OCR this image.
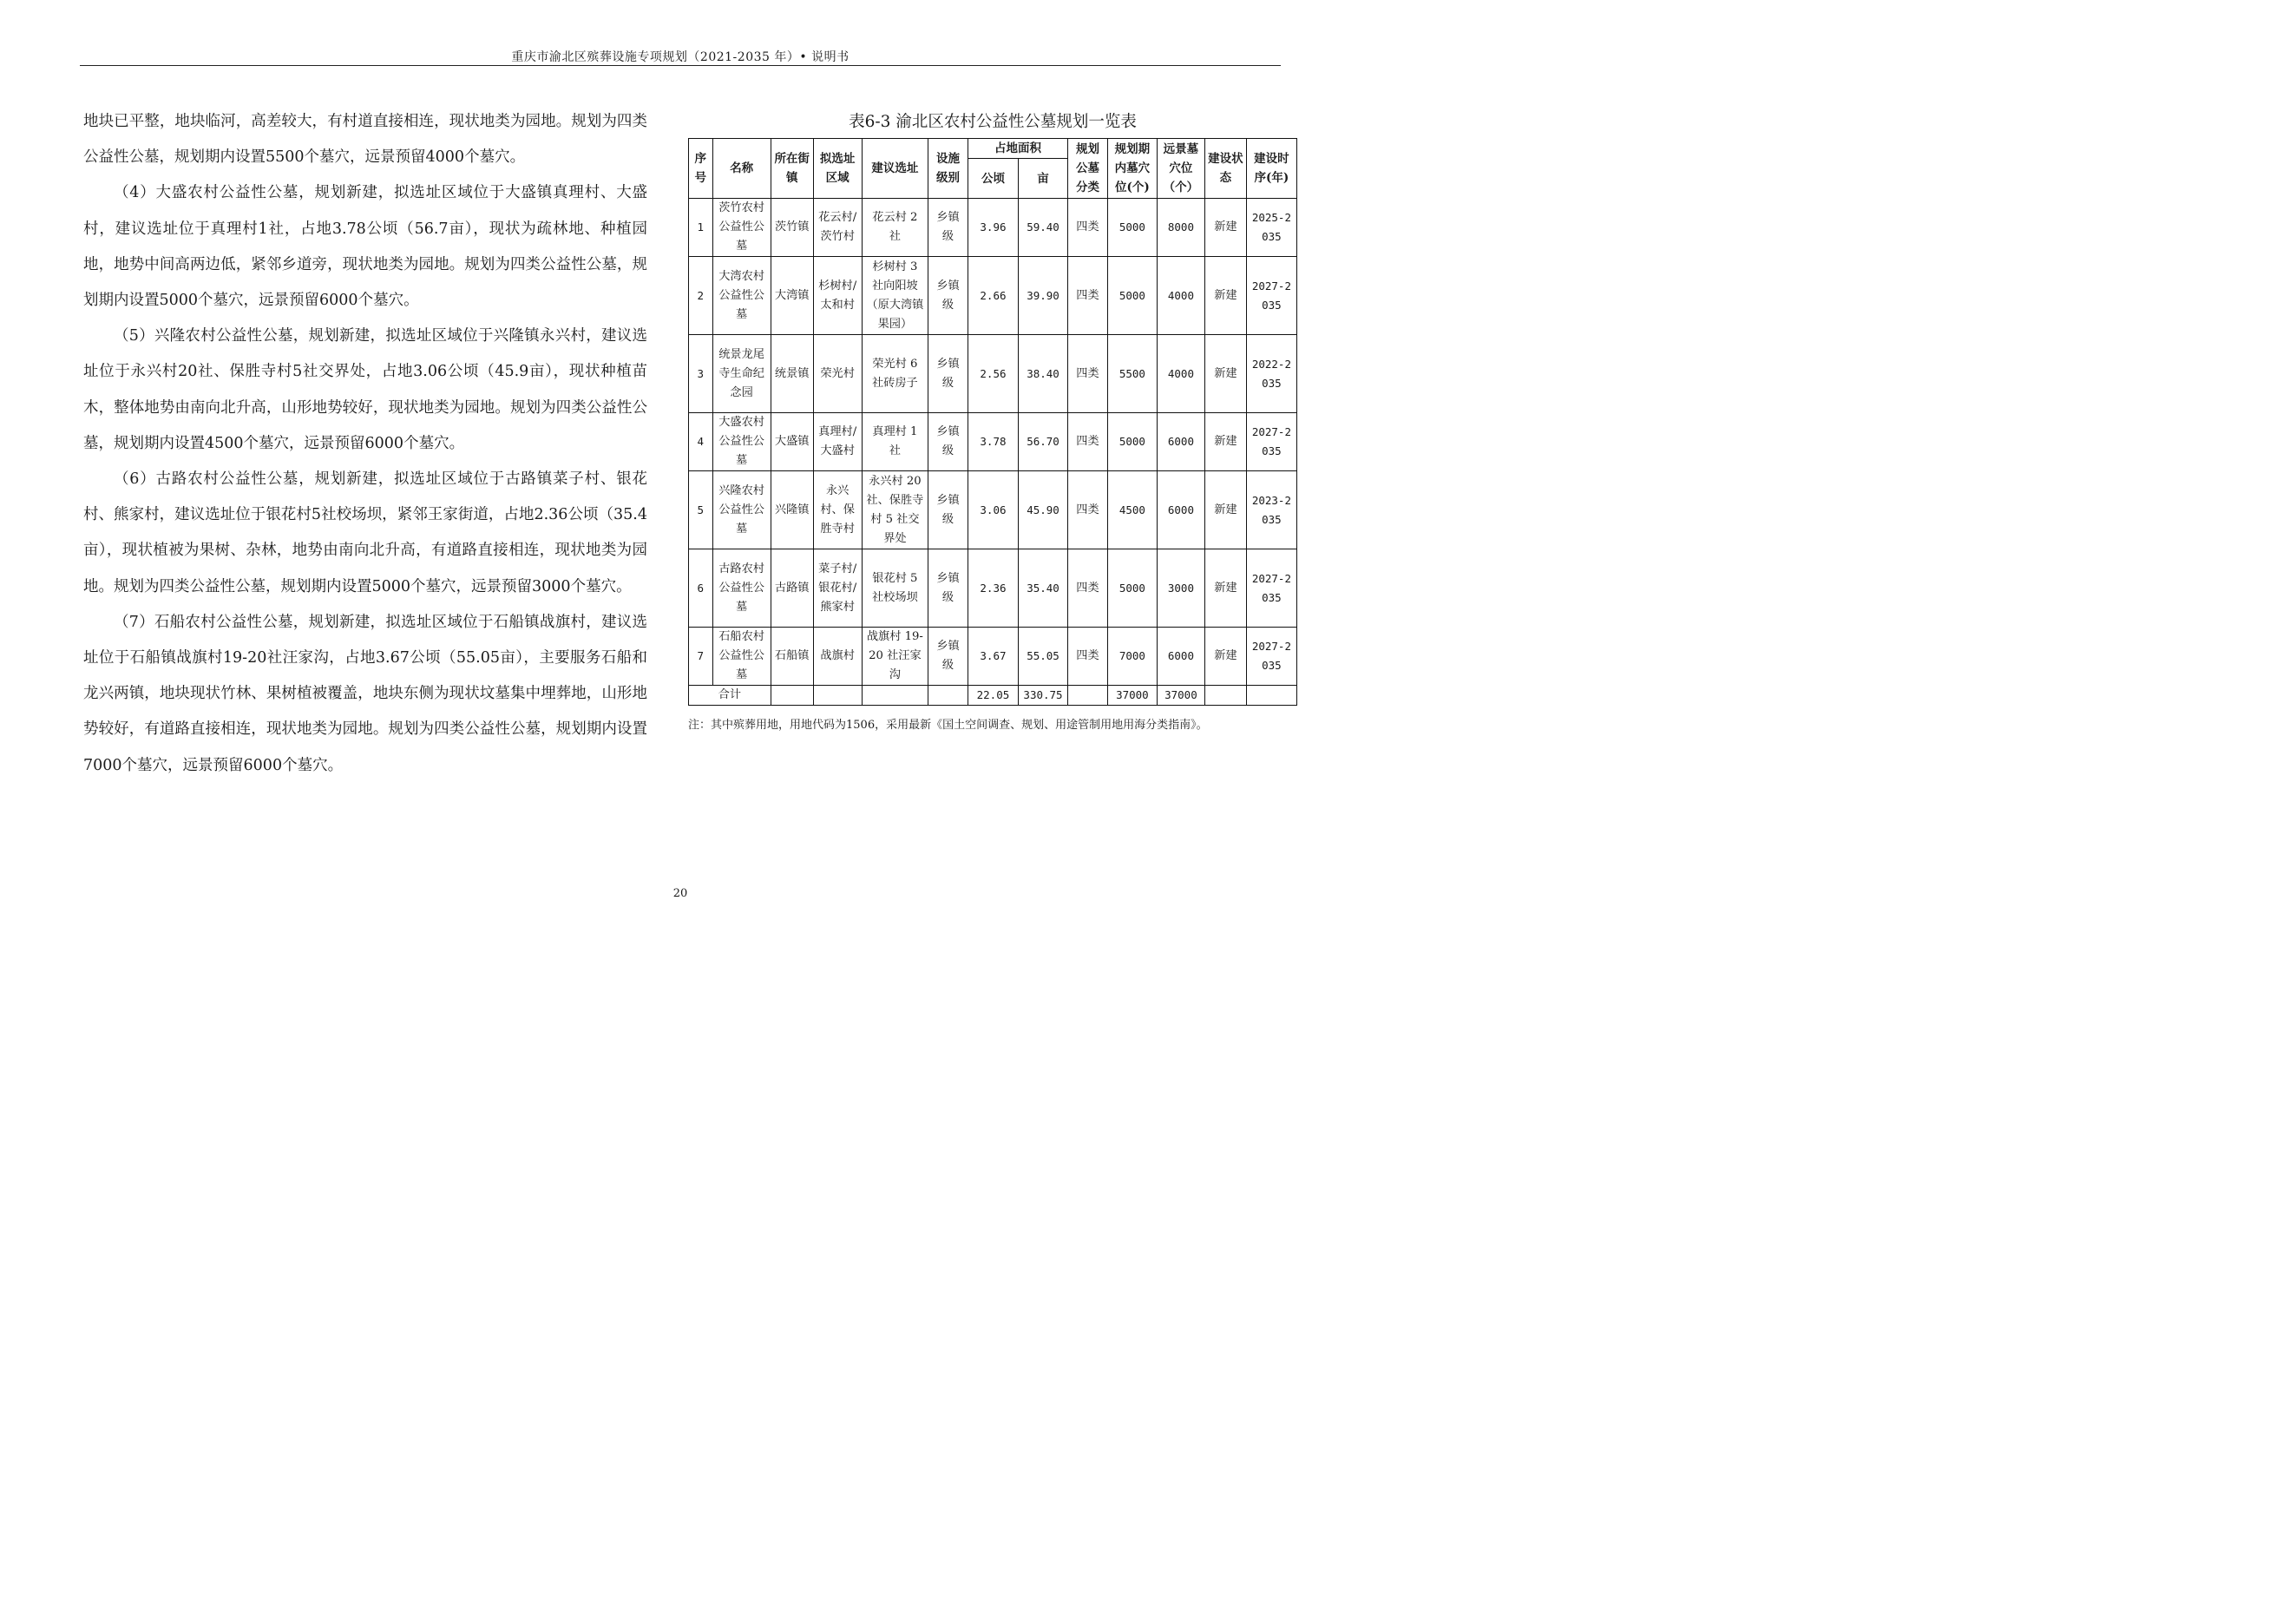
重庆市渝北区殡葬设施专项规划（2021-2035 年）• 说明书

地块已平整，地块临河，高差较大，有村道直接相连，现状地类为园地。规划为四类公益性公墓，规划期内设置5500个墓穴，远景预留4000个墓穴。

（4）大盛农村公益性公墓，规划新建，拟选址区域位于大盛镇真理村、大盛村，建议选址位于真理村1社，占地3.78公顷（56.7亩），现状为疏林地、种植园地，地势中间高两边低，紧邻乡道旁，现状地类为园地。规划为四类公益性公墓，规划期内设置5000个墓穴，远景预留6000个墓穴。

（5）兴隆农村公益性公墓，规划新建，拟选址区域位于兴隆镇永兴村，建议选址位于永兴村20社、保胜寺村5社交界处，占地3.06公顷（45.9亩），现状种植苗木，整体地势由南向北升高，山形地势较好，现状地类为园地。规划为四类公益性公墓，规划期内设置4500个墓穴，远景预留6000个墓穴。

（6）古路农村公益性公墓，规划新建，拟选址区域位于古路镇菜子村、银花村、熊家村，建议选址位于银花村5社校场坝，紧邻王家街道，占地2.36公顷（35.4亩），现状植被为果树、杂林，地势由南向北升高，有道路直接相连，现状地类为园地。规划为四类公益性公墓，规划期内设置5000个墓穴，远景预留3000个墓穴。

（7）石船农村公益性公墓，规划新建，拟选址区域位于石船镇战旗村，建议选址位于石船镇战旗村19-20社汪家沟，占地3.67公顷（55.05亩），主要服务石船和龙兴两镇，地块现状竹林、果树植被覆盖，地块东侧为现状坟墓集中埋葬地，山形地势较好，有道路直接相连，现状地类为园地。规划为四类公益性公墓，规划期内设置7000个墓穴，远景预留6000个墓穴。

表6-3 渝北区农村公益性公墓规划一览表
序号	名称	所在街镇	拟选址区域	建议选址	设施级别	占地面积		规划公墓分类	规划期内墓穴位(个)	远景墓穴位（个）	建设状态	建设时序(年)
						公顷	亩					
1	茨竹农村公益性公墓	茨竹镇	花云村/茨竹村	花云村 2 社	乡镇级	3.96	59.40	四类	5000	8000	新建	2025-2035
2	大湾农村公益性公墓	大湾镇	杉树村/太和村	杉树村 3 社向阳坡（原大湾镇果园）	乡镇级	2.66	39.90	四类	5000	4000	新建	2027-2035
3	统景龙尾寺生命纪念园	统景镇	荣光村	荣光村 6 社砖房子	乡镇级	2.56	38.40	四类	5500	4000	新建	2022-2035
4	大盛农村公益性公墓	大盛镇	真理村/大盛村	真理村 1 社	乡镇级	3.78	56.70	四类	5000	6000	新建	2027-2035
5	兴隆农村公益性公墓	兴隆镇	永兴村、保胜寺村	永兴村 20 社、保胜寺村 5 社交界处	乡镇级	3.06	45.90	四类	4500	6000	新建	2023-2035
6	古路农村公益性公墓	古路镇	菜子村/银花村/熊家村	银花村 5 社校场坝	乡镇级	2.36	35.40	四类	5000	3000	新建	2027-2035
7	石船农村公益性公墓	石船镇	战旗村	战旗村 19-20 社汪家沟	乡镇级	3.67	55.05	四类	7000	6000	新建	2027-2035
合计						22.05	330.75		37000	37000		
注：其中殡葬用地，用地代码为1506，采用最新《国土空间调查、规划、用途管制用地用海分类指南》。
20
